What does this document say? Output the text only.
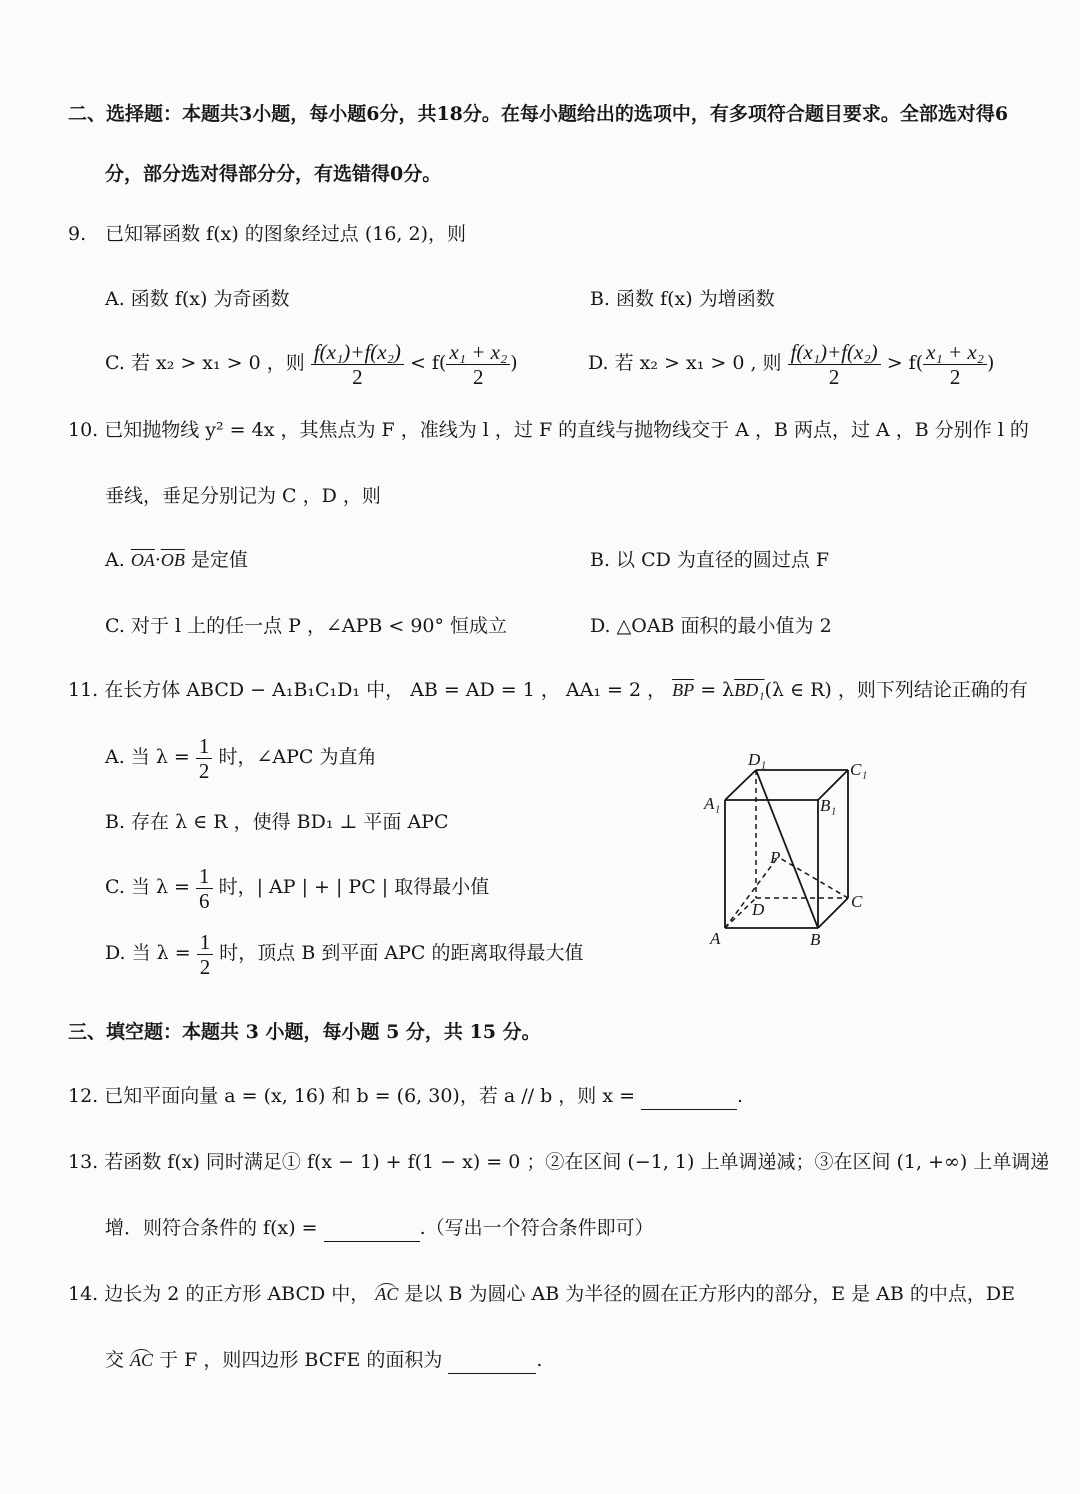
二、选择题：本题共3小题，每小题6分，共18分。在每小题给出的选项中，有多项符合题目要求。全部选对得6
分，部分选对得部分分，有选错得0分。
9.　已知幂函数 f(x) 的图象经过点 (16, 2)，则
A. 函数 f(x) 为奇函数	B. 函数 f(x) 为增函数
C. 若 x₂ > x₁ > 0 ，则 $\frac{\text{f(x₁)+f(x₂)}}{2} < f( \frac{\text{x₁ + x₂}}{2}$ )	D. 若 x₂ > x₁ > 0 , 则 $\frac{\text{f(x₁)+f(x₂)}}{2} > f( \frac{\text{x₁ + x₂}}{2}$ )
10. 已知抛物线 y² = 4x ，其焦点为 F ，准线为 l ，过 F 的直线与抛物线交于 A ，B 两点，过 A ，B 分别作 l 的
垂线，垂足分别记为 C ，D ，则
A. $\overline{OA}\cdot\overline{OB}$ 是定值	B. 以 CD 为直径的圆过点 F
C. 对于 l 上的任一点 P ，∠APB < 90° 恒成立	D. △OAB 面积的最小值为 2
11. 在长方体 ABCD − A₁B₁C₁D₁ 中， AB = AD = 1 ， AA₁ = 2 ， $\overline{BP} = \lambda BD_1(\lambda$ ∈ R) ，则下列结论正确的有
A. 当 $\lambda = \frac{1}{2}$ 时，∠APC 为直角
B. 存在 λ ∈ R ，使得 BD₁ ⊥ 平面 APC
C. 当 $\lambda = \frac{1}{6}$ 时，| AP | + | PC | 取得最小值
D. 当 $\lambda = \frac{1}{2}$ 时，顶点 B 到平面 APC 的距离取得最大值
D₁
C₁
A₁	B₁
P
D	C
A	B
三、填空题：本题共 3 小题，每小题 5 分，共 15 分。
12. 已知平面向量 a = (x, 16) 和 b = (6, 30)，若 a // b ，则 x =	.
13. 若函数 f(x) 同时满足① f(x − 1) + f(1 − x) = 0 ；②在区间 (−1, 1) 上单调递减；③在区间 (1, +∞) 上单调递
增．则符合条件的 f(x) =	.（写出一个符合条件即可）
14. 边长为 2 的正方形 ABCD 中， AC 是以 B 为圆心 AB 为半径的圆在正方形内的部分，E 是 AB 的中点，DE
交 AC 于 F ，则四边形 BCFE 的面积为	.
